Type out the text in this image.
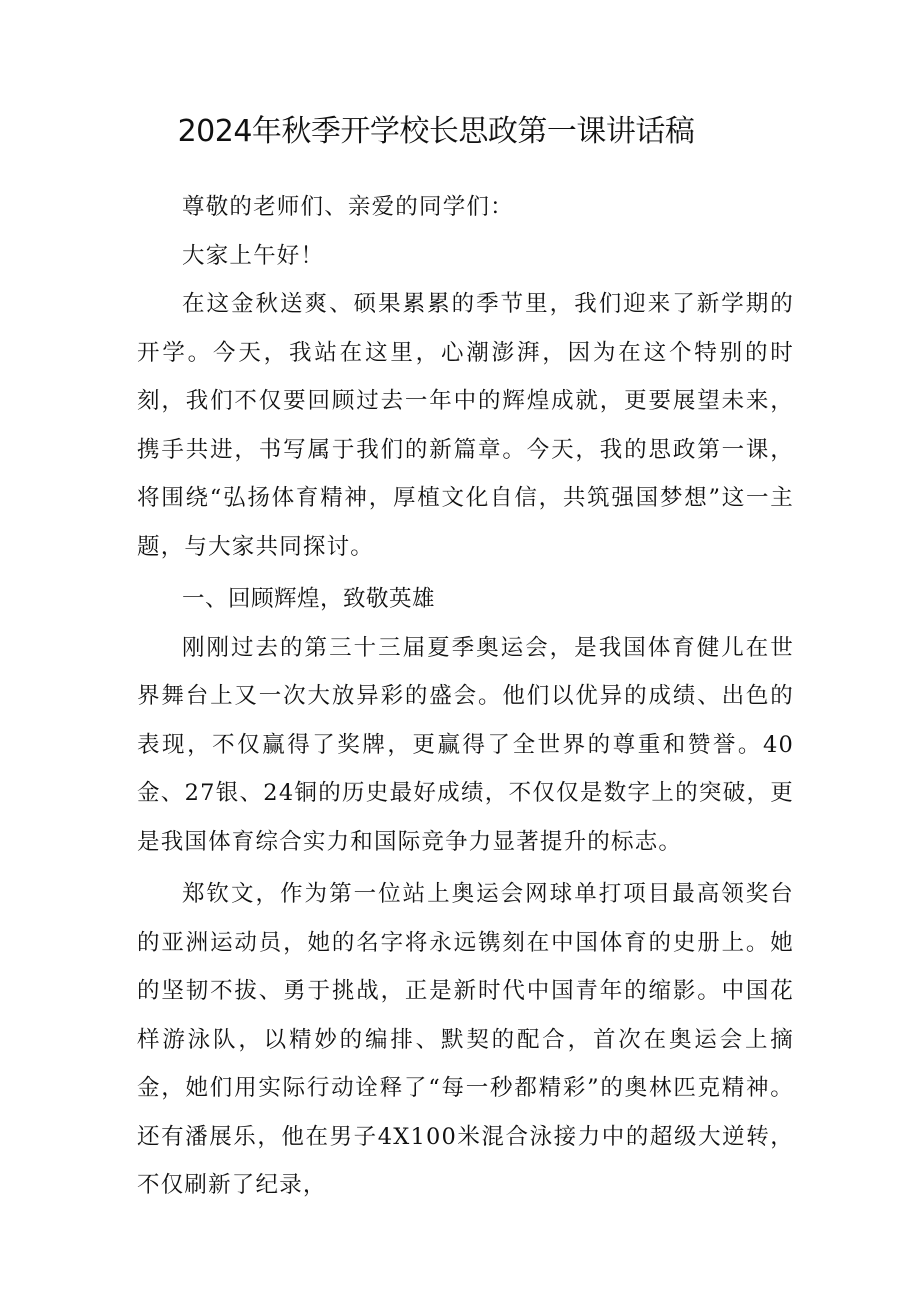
2024年秋季开学校长思政第一课讲话稿

尊敬的老师们、亲爱的同学们：

大家上午好！

在这金秋送爽、硕果累累的季节里，我们迎来了新学期的开学。今天，我站在这里，心潮澎湃，因为在这个特别的时刻，我们不仅要回顾过去一年中的辉煌成就，更要展望未来，携手共进，书写属于我们的新篇章。今天，我的思政第一课，将围绕“弘扬体育精神，厚植文化自信，共筑强国梦想”这一主题，与大家共同探讨。

一、回顾辉煌，致敬英雄

刚刚过去的第三十三届夏季奥运会，是我国体育健儿在世界舞台上又一次大放异彩的盛会。他们以优异的成绩、出色的表现，不仅赢得了奖牌，更赢得了全世界的尊重和赞誉。40金、27银、24铜的历史最好成绩，不仅仅是数字上的突破，更是我国体育综合实力和国际竞争力显著提升的标志。

郑钦文，作为第一位站上奥运会网球单打项目最高领奖台的亚洲运动员，她的名字将永远镌刻在中国体育的史册上。她的坚韧不拔、勇于挑战，正是新时代中国青年的缩影。中国花样游泳队，以精妙的编排、默契的配合，首次在奥运会上摘金，她们用实际行动诠释了“每一秒都精彩”的奥林匹克精神。还有潘展乐，他在男子4X100米混合泳接力中的超级大逆转，不仅刷新了纪录，
